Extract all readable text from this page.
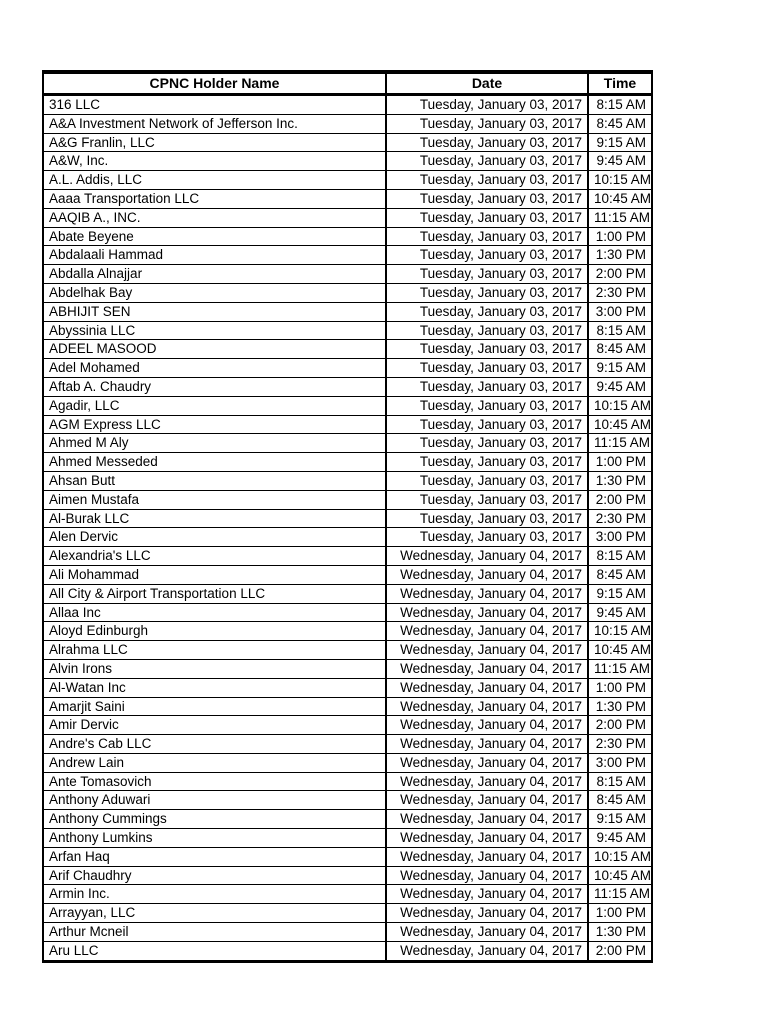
CPNC Holder Name	Date	Time
316 LLC	Tuesday, January 03, 2017	8:15 AM
A&A Investment Network of Jefferson Inc.	Tuesday, January 03, 2017	8:45 AM
A&G Franlin, LLC	Tuesday, January 03, 2017	9:15 AM
A&W, Inc.	Tuesday, January 03, 2017	9:45 AM
A.L. Addis, LLC	Tuesday, January 03, 2017	10:15 AM
Aaaa Transportation LLC	Tuesday, January 03, 2017	10:45 AM
AAQIB A., INC.	Tuesday, January 03, 2017	11:15 AM
Abate Beyene	Tuesday, January 03, 2017	1:00 PM
Abdalaali Hammad	Tuesday, January 03, 2017	1:30 PM
Abdalla Alnajjar	Tuesday, January 03, 2017	2:00 PM
Abdelhak Bay	Tuesday, January 03, 2017	2:30 PM
ABHIJIT SEN	Tuesday, January 03, 2017	3:00 PM
Abyssinia LLC	Tuesday, January 03, 2017	8:15 AM
ADEEL MASOOD	Tuesday, January 03, 2017	8:45 AM
Adel Mohamed	Tuesday, January 03, 2017	9:15 AM
Aftab A. Chaudry	Tuesday, January 03, 2017	9:45 AM
Agadir, LLC	Tuesday, January 03, 2017	10:15 AM
AGM Express LLC	Tuesday, January 03, 2017	10:45 AM
Ahmed M Aly	Tuesday, January 03, 2017	11:15 AM
Ahmed Messeded	Tuesday, January 03, 2017	1:00 PM
Ahsan Butt	Tuesday, January 03, 2017	1:30 PM
Aimen Mustafa	Tuesday, January 03, 2017	2:00 PM
Al-Burak LLC	Tuesday, January 03, 2017	2:30 PM
Alen Dervic	Tuesday, January 03, 2017	3:00 PM
Alexandria's LLC	Wednesday, January 04, 2017	8:15 AM
Ali Mohammad	Wednesday, January 04, 2017	8:45 AM
All City & Airport Transportation LLC	Wednesday, January 04, 2017	9:15 AM
Allaa Inc	Wednesday, January 04, 2017	9:45 AM
Aloyd Edinburgh	Wednesday, January 04, 2017	10:15 AM
Alrahma LLC	Wednesday, January 04, 2017	10:45 AM
Alvin Irons	Wednesday, January 04, 2017	11:15 AM
Al-Watan Inc	Wednesday, January 04, 2017	1:00 PM
Amarjit Saini	Wednesday, January 04, 2017	1:30 PM
Amir Dervic	Wednesday, January 04, 2017	2:00 PM
Andre's Cab LLC	Wednesday, January 04, 2017	2:30 PM
Andrew Lain	Wednesday, January 04, 2017	3:00 PM
Ante Tomasovich	Wednesday, January 04, 2017	8:15 AM
Anthony Aduwari	Wednesday, January 04, 2017	8:45 AM
Anthony Cummings	Wednesday, January 04, 2017	9:15 AM
Anthony Lumkins	Wednesday, January 04, 2017	9:45 AM
Arfan Haq	Wednesday, January 04, 2017	10:15 AM
Arif Chaudhry	Wednesday, January 04, 2017	10:45 AM
Armin Inc.	Wednesday, January 04, 2017	11:15 AM
Arrayyan, LLC	Wednesday, January 04, 2017	1:00 PM
Arthur Mcneil	Wednesday, January 04, 2017	1:30 PM
Aru LLC	Wednesday, January 04, 2017	2:00 PM
